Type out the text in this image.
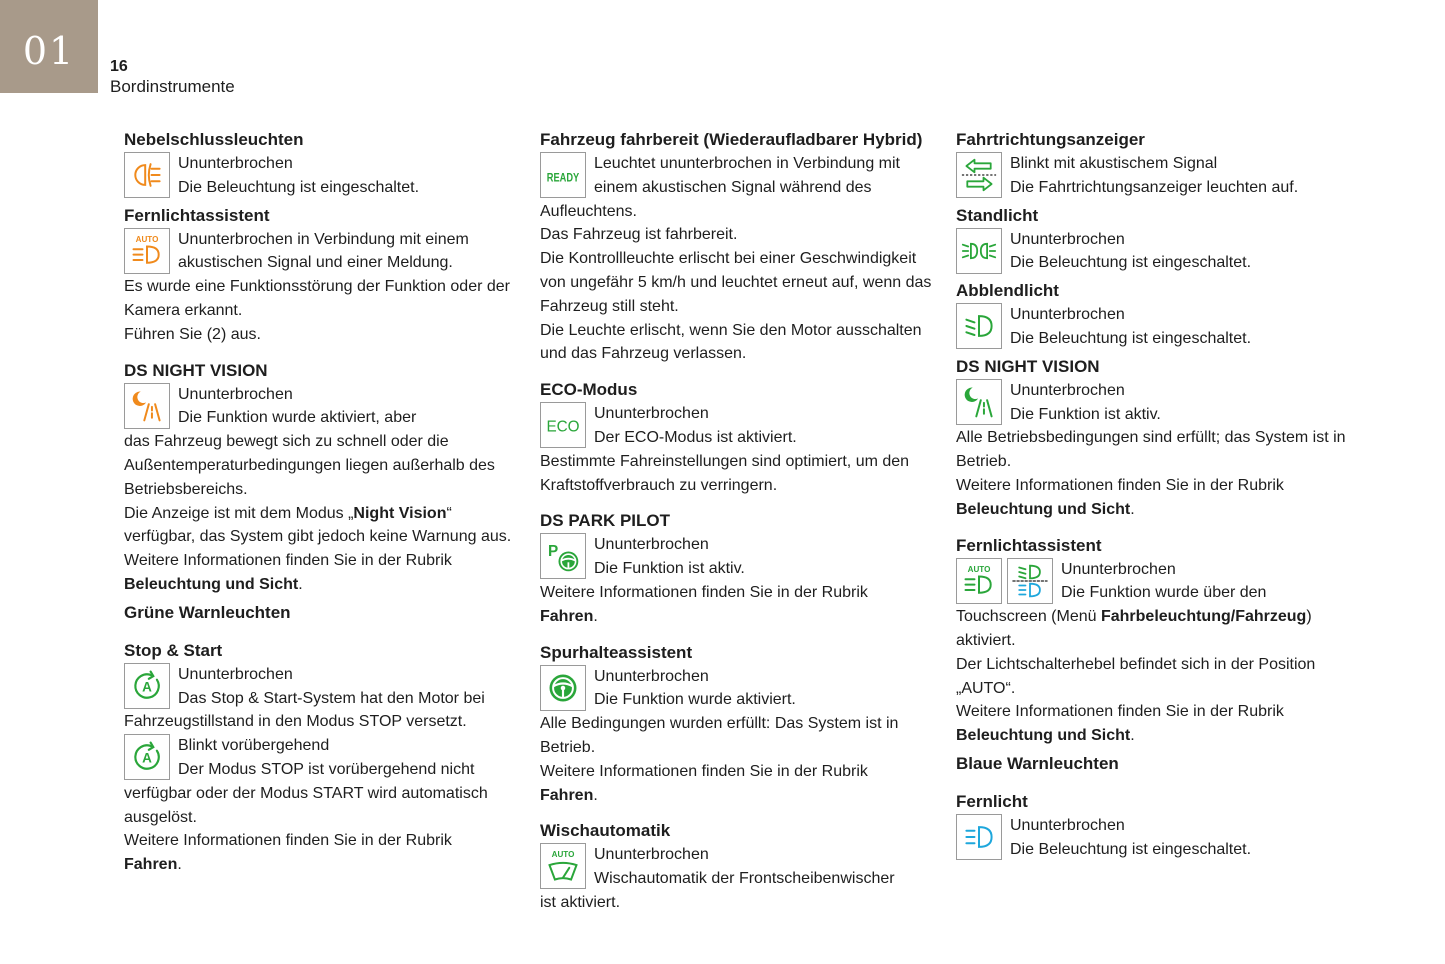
01 16
Bordinstrumente
Nebelschlussleuchten
Ununterbrochen
Die Beleuchtung ist eingeschaltet.
Fernlichtassistent
AUTO Ununterbrochen in Verbindung mit einem
akustischen Signal und einer Meldung.
Es wurde eine Funktionsstörung der Funktion oder der Kamera erkannt.
Führen Sie (2) aus.
DS NIGHT VISION
Ununterbrochen
Die Funktion wurde aktiviert, aber
das Fahrzeug bewegt sich zu schnell oder die Außentemperaturbedingungen liegen außerhalb des Betriebsbereichs.
Die Anzeige ist mit dem Modus „Night Vision“ verfügbar, das System gibt jedoch keine Warnung aus.
Weitere Informationen finden Sie in der Rubrik
Beleuchtung und Sicht.
Grüne Warnleuchten
Stop & Start
A
Ununterbrochen
Das Stop & Start-System hat den Motor bei
Fahrzeugstillstand in den Modus STOP versetzt.
A
Blinkt vorübergehend
Der Modus STOP ist vorübergehend nicht
verfügbar oder der Modus START wird automatisch ausgelöst.
Weitere Informationen finden Sie in der Rubrik
Fahren.
Fahrzeug fahrbereit (Wiederaufladbarer Hybrid)
READY
Leuchtet ununterbrochen in Verbindung mit
einem akustischen Signal während des
Aufleuchtens.
Das Fahrzeug ist fahrbereit.
Die Kontrollleuchte erlischt bei einer Geschwindigkeit von ungefähr 5 km/h und leuchtet erneut auf, wenn das Fahrzeug still steht.
Die Leuchte erlischt, wenn Sie den Motor ausschalten und das Fahrzeug verlassen.
ECO-Modus
ECO
Ununterbrochen
Der ECO-Modus ist aktiviert.
Bestimmte Fahreinstellungen sind optimiert, um den Kraftstoffverbrauch zu verringern.
DS PARK PILOT
P Ununterbrochen
Die Funktion ist aktiv.
Weitere Informationen finden Sie in der Rubrik
Fahren.
Spurhalteassistent
Ununterbrochen
Die Funktion wurde aktiviert.
Alle Bedingungen wurden erfüllt: Das System ist in Betrieb.
Weitere Informationen finden Sie in der Rubrik
Fahren.
Wischautomatik
AUTO Ununterbrochen
Wischautomatik der Frontscheibenwischer
ist aktiviert.
Fahrtrichtungsanzeiger
Blinkt mit akustischem Signal
Die Fahrtrichtungsanzeiger leuchten auf.
Standlicht
Ununterbrochen
Die Beleuchtung ist eingeschaltet.
Abblendlicht
Ununterbrochen
Die Beleuchtung ist eingeschaltet.
DS NIGHT VISION
Ununterbrochen
Die Funktion ist aktiv.
Alle Betriebsbedingungen sind erfüllt; das System ist in Betrieb.
Weitere Informationen finden Sie in der Rubrik
Beleuchtung und Sicht.
Fernlichtassistent
AUTO	Ununterbrochen
Die Funktion wurde über den
Touchscreen (Menü Fahrbeleuchtung/Fahrzeug) aktiviert.
Der Lichtschalterhebel befindet sich in der Position „AUTO“.
Weitere Informationen finden Sie in der Rubrik
Beleuchtung und Sicht.
Blaue Warnleuchten
Fernlicht
Ununterbrochen
Die Beleuchtung ist eingeschaltet.
